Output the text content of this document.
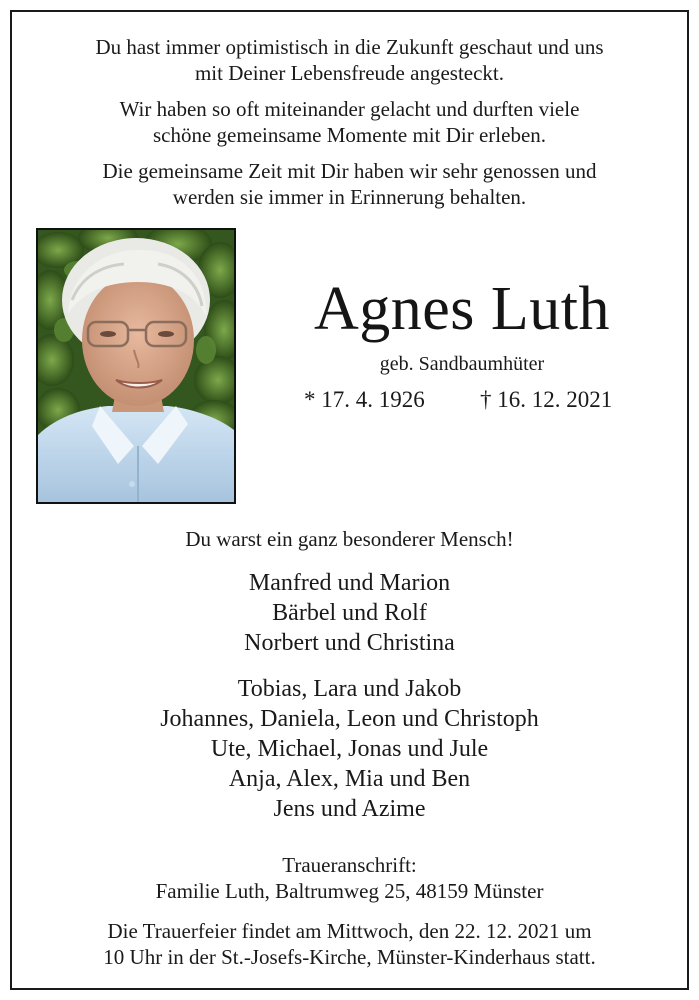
Du hast immer optimistisch in die Zukunft geschaut und uns

mit Deiner Lebensfreude angesteckt.

Wir haben so oft miteinander gelacht und durften viele

schöne gemeinsame Momente mit Dir erleben.

Die gemeinsame Zeit mit Dir haben wir sehr genossen und

werden sie immer in Erinnerung behalten.

Agnes Luth
geb. Sandbaumhüter
* 17. 4. 1926 † 16. 12. 2021

Du warst ein ganz besonderer Mensch!

Manfred und Marion

Bärbel und Rolf

Norbert und Christina

Tobias, Lara und Jakob

Johannes, Daniela, Leon und Christoph

Ute, Michael, Jonas und Jule

Anja, Alex, Mia und Ben

Jens und Azime

Traueranschrift:

Familie Luth, Baltrumweg 25, 48159 Münster

Die Trauerfeier findet am Mittwoch, den 22. 12. 2021 um

10 Uhr in der St.-Josefs-Kirche, Münster-Kinderhaus statt.
